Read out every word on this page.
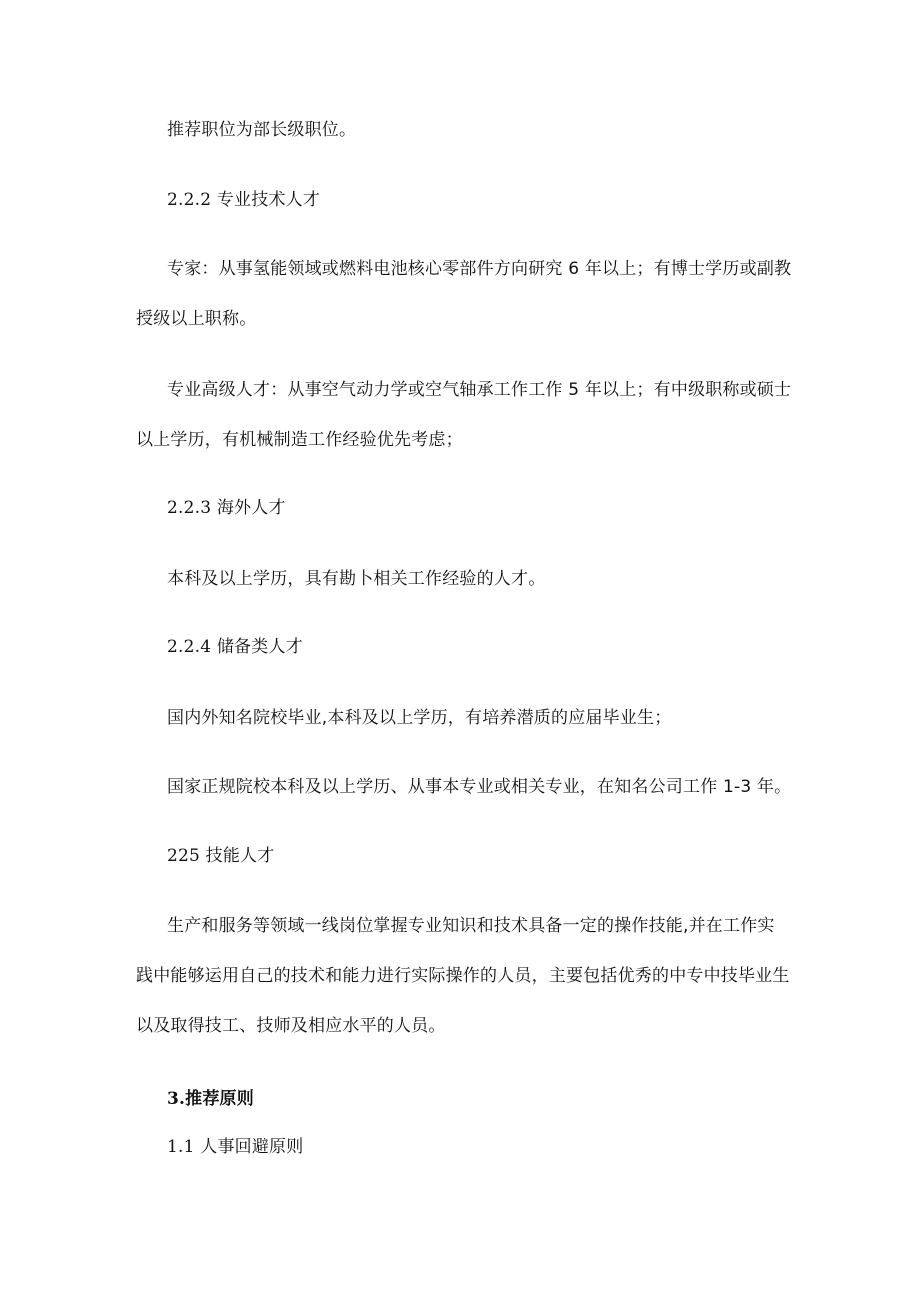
推荐职位为部长级职位。
2.2.2 专业技术人才
专家：从事氢能领域或燃料电池核心零部件方向研究 6 年以上；有博士学历或副教
授级以上职称。
专业高级人才：从事空气动力学或空气轴承工作工作 5 年以上；有中级职称或硕士
以上学历，有机械制造工作经验优先考虑；
2.2.3 海外人才
本科及以上学历，具有勘卜相关工作经验的人才。
2.2.4 储备类人才
国内外知名院校毕业,本科及以上学历，有培养潜质的应届毕业生；
国家正规院校本科及以上学历、从事本专业或相关专业，在知名公司工作 1-3 年。
225 技能人才
生产和服务等领域一线岗位掌握专业知识和技术具备一定的操作技能,并在工作实
践中能够运用自己的技术和能力进行实际操作的人员，主要包括优秀的中专中技毕业生
以及取得技工、技师及相应水平的人员。
3.推荐原则
1.1 人事回避原则
